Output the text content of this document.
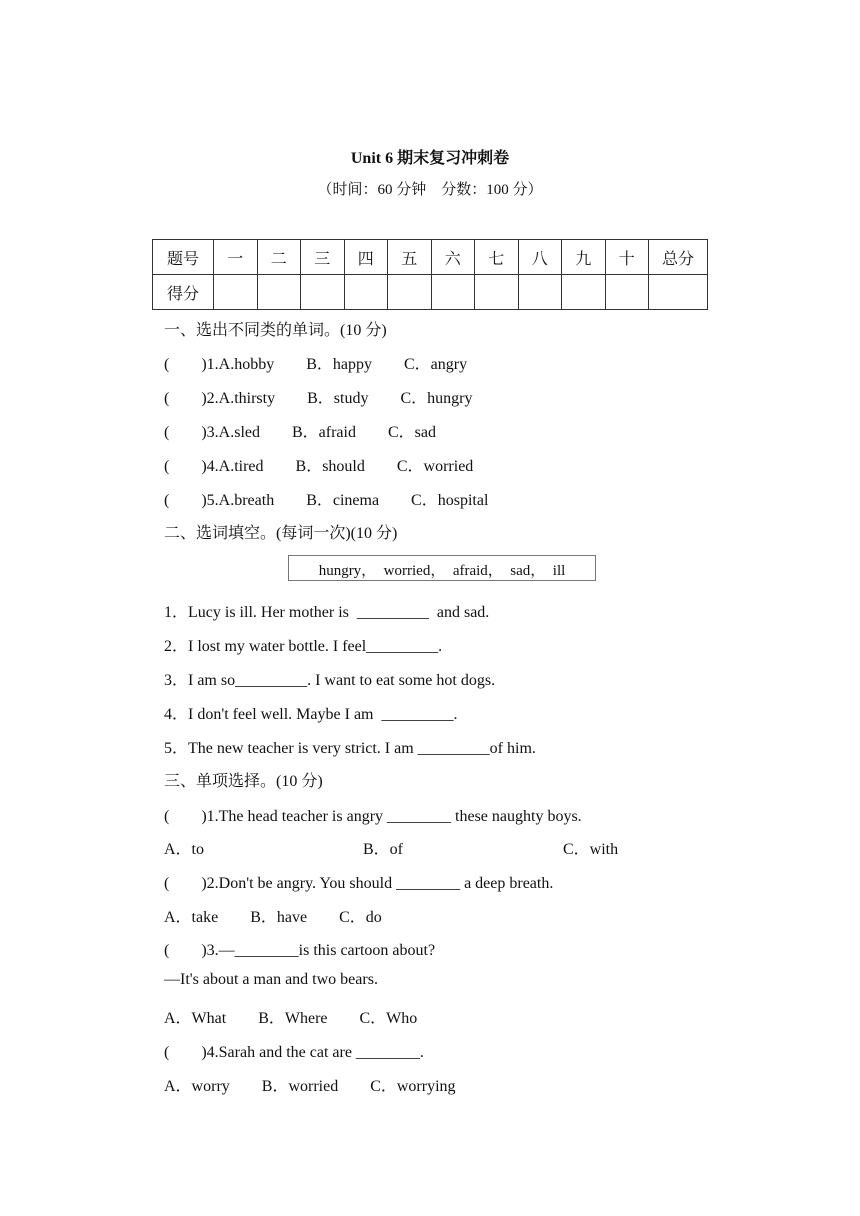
Unit 6 期末复习冲刺卷
（时间：60 分钟　分数：100 分）
题号	一	二	三	四	五	六	七	八	九	十	总分
得分											
一、选出不同类的单词。(10 分)
(　　)1.A.hobby　　B．happy　　C．angry
(　　)2.A.thirsty　　B．study　　C．hungry
(　　)3.A.sled　　B．afraid　　C．sad
(　　)4.A.tired　　B．should　　C．worried
(　　)5.A.breath　　B．cinema　　C．hospital
二、选词填空。(每词一次)(10 分)
hungry，　worried，　afraid，　sad，　ill
1．Lucy is ill. Her mother is  _________  and sad.
2．I lost my water bottle. I feel_________.
3．I am so_________. I want to eat some hot dogs.
4．I don't feel well. Maybe I am  _________.
5．The new teacher is very strict. I am _________of him.
三、单项选择。(10 分)
(　　)1.The head teacher is angry ________ these naughty boys.
A．to	B．of	C．with
(　　)2.Don't be angry. You should ________ a deep breath.
A．take　　B．have　　C．do
(　　)3.—________is this cartoon about?
—It's about a man and two bears.
A．What　　B．Where　　C．Who
(　　)4.Sarah and the cat are ________.
A．worry　　B．worried　　C．worrying
